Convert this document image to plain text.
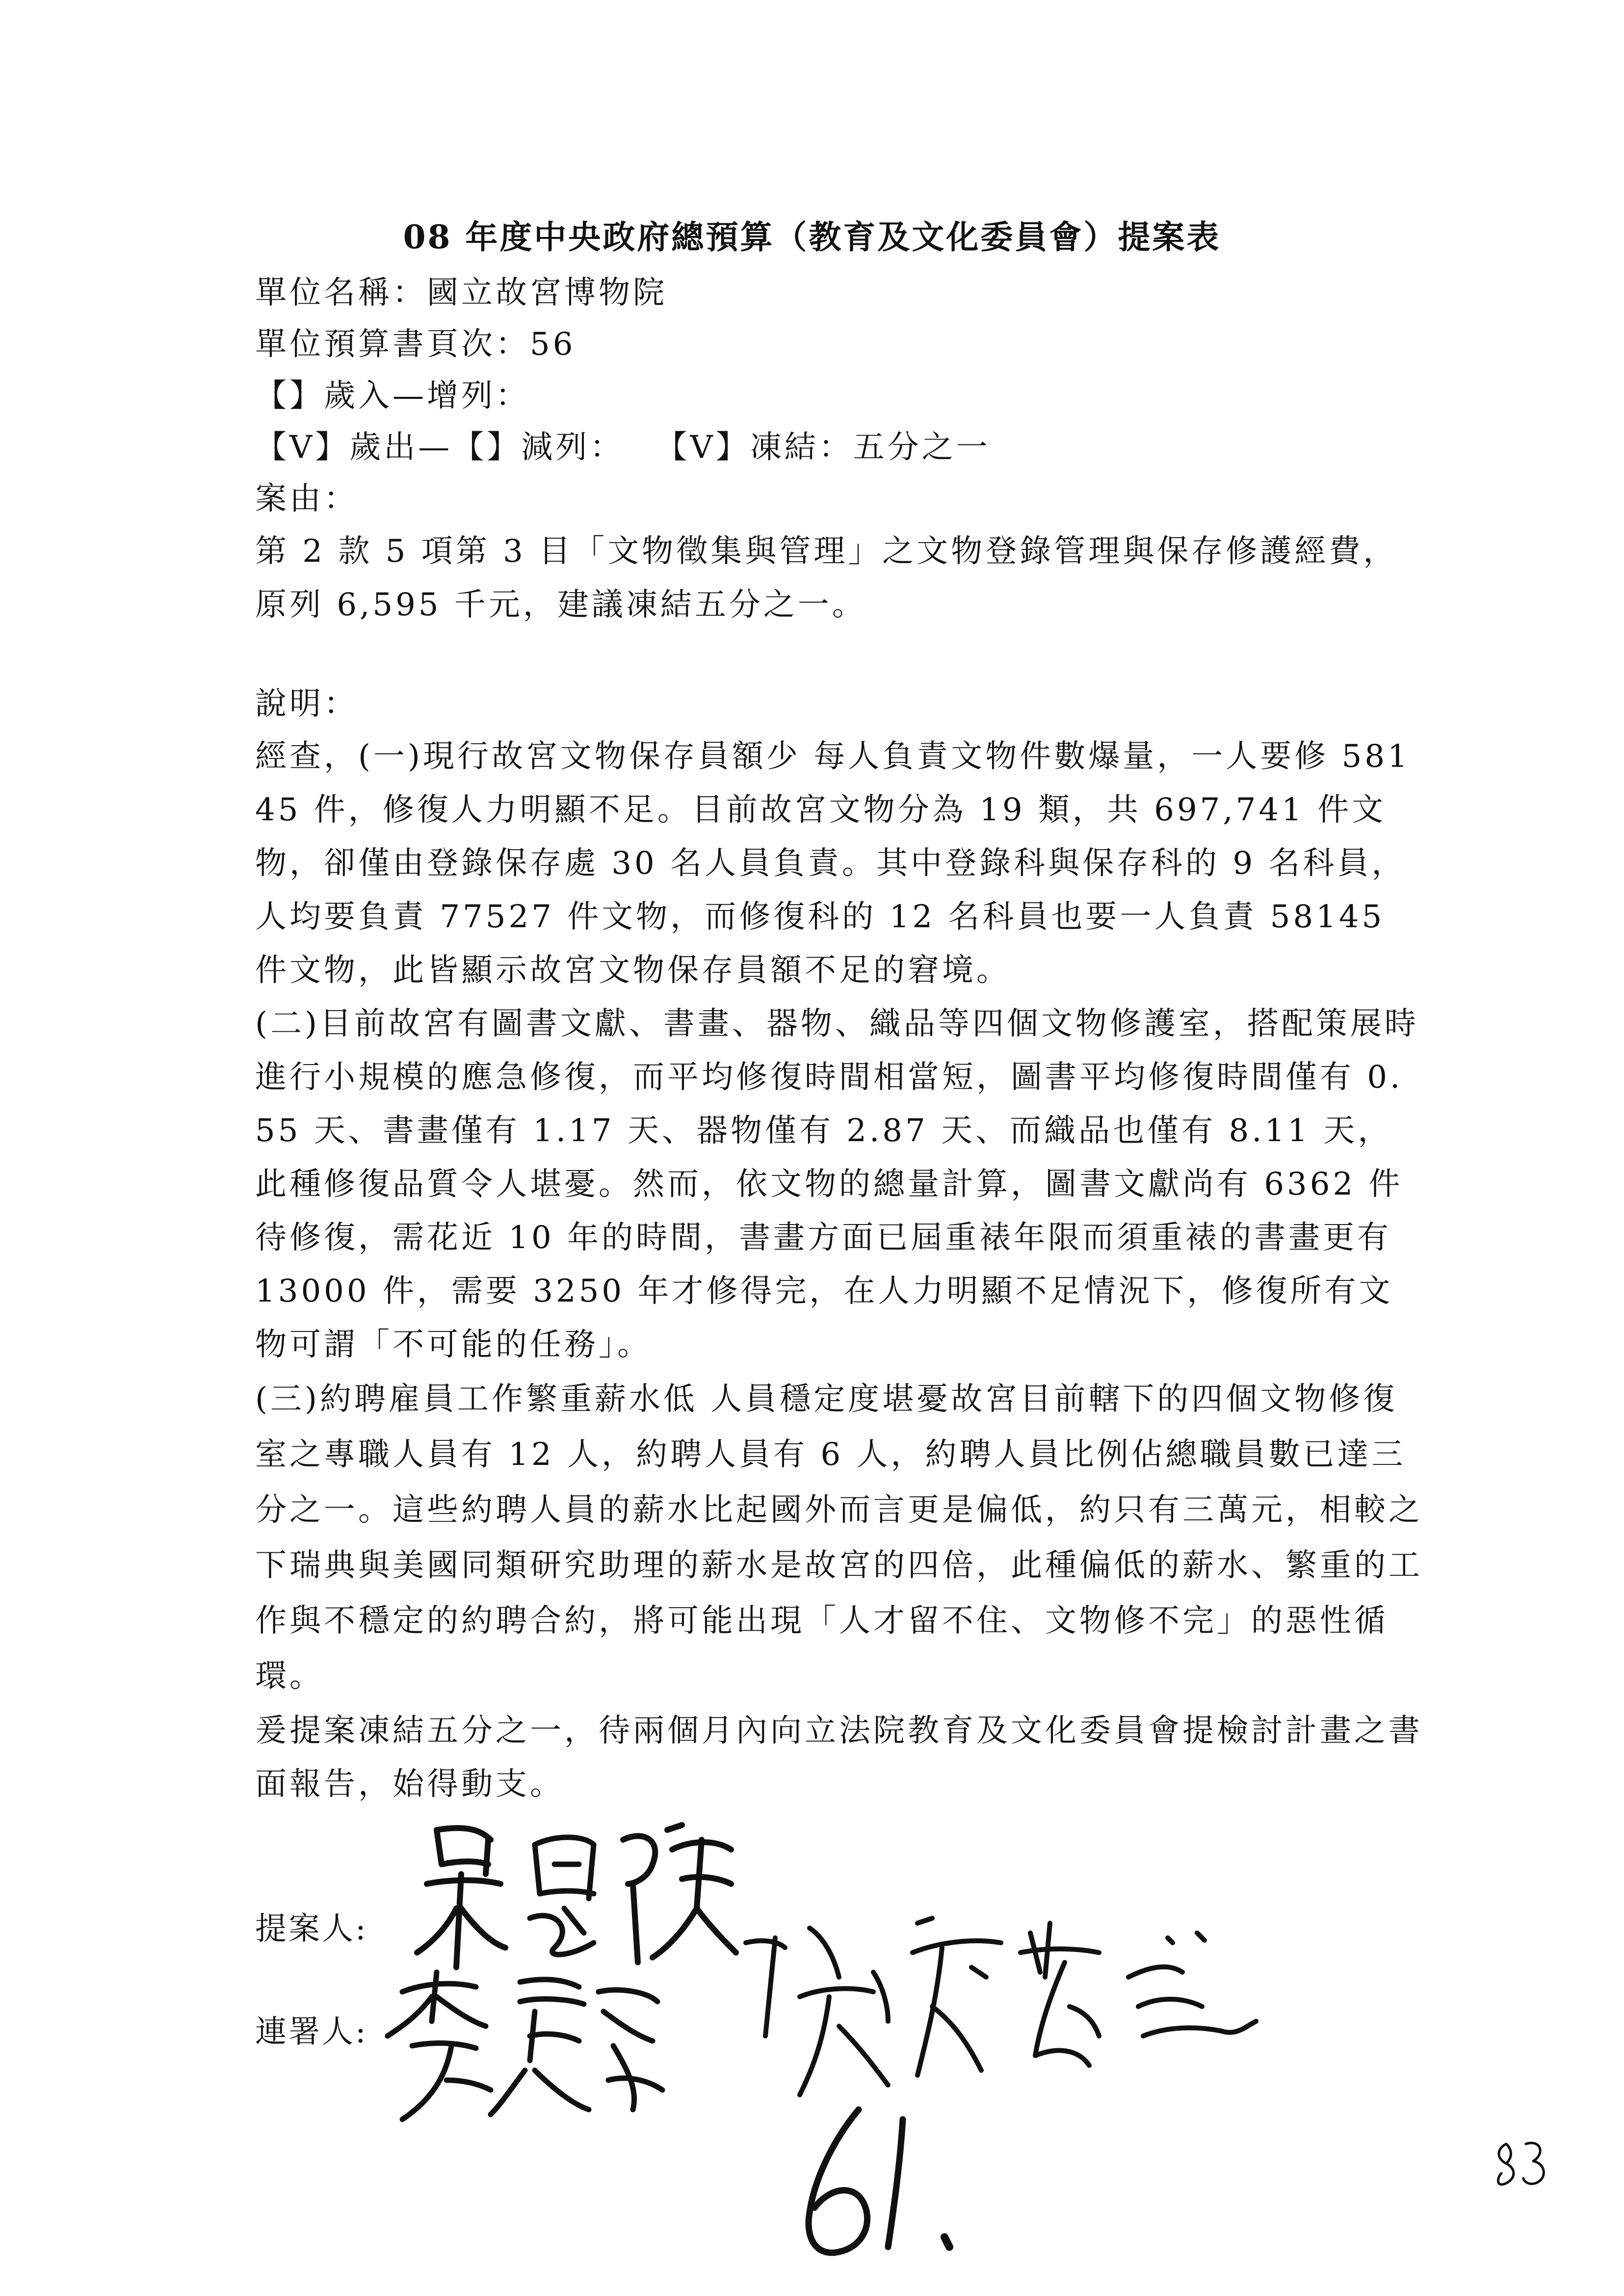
08 年度中央政府總預算（教育及文化委員會）提案表
單位名稱：國立故宮博物院
單位預算書頁次：56
【】歲入—增列：
【V】歲出—【】減列：　 【V】凍結：五分之一
案由：
第 2 款 5 項第 3 目「文物徵集與管理」之文物登錄管理與保存修護經費，原列 6,595 千元，建議凍結五分之一。
說明：
經查，(一)現行故宮文物保存員額少 每人負責文物件數爆量，一人要修 58145 件，修復人力明顯不足。目前故宮文物分為 19 類，共 697,741 件文物，卻僅由登錄保存處 30 名人員負責。其中登錄科與保存科的 9 名科員，人均要負責 77527 件文物，而修復科的 12 名科員也要一人負責 58145 件文物，此皆顯示故宮文物保存員額不足的窘境。
(二)目前故宮有圖書文獻、書畫、器物、織品等四個文物修護室，搭配策展時進行小規模的應急修復，而平均修復時間相當短，圖書平均修復時間僅有 0.55 天、書畫僅有 1.17 天、器物僅有 2.87 天、而織品也僅有 8.11 天，此種修復品質令人堪憂。然而，依文物的總量計算，圖書文獻尚有 6362 件待修復，需花近 10 年的時間，書畫方面已屆重裱年限而須重裱的書畫更有 13000 件，需要 3250 年才修得完，在人力明顯不足情況下，修復所有文物可謂「不可能的任務」。
(三)約聘雇員工作繁重薪水低 人員穩定度堪憂故宮目前轄下的四個文物修復室之專職人員有 12 人，約聘人員有 6 人，約聘人員比例佔總職員數已達三分之一。這些約聘人員的薪水比起國外而言更是偏低，約只有三萬元，相較之下瑞典與美國同類研究助理的薪水是故宮的四倍，此種偏低的薪水、繁重的工作與不穩定的約聘合約，將可能出現「人才留不住、文物修不完」的惡性循環。
爰提案凍結五分之一，待兩個月內向立法院教育及文化委員會提檢討計畫之書面報告，始得動支。
提案人:
連署人:
